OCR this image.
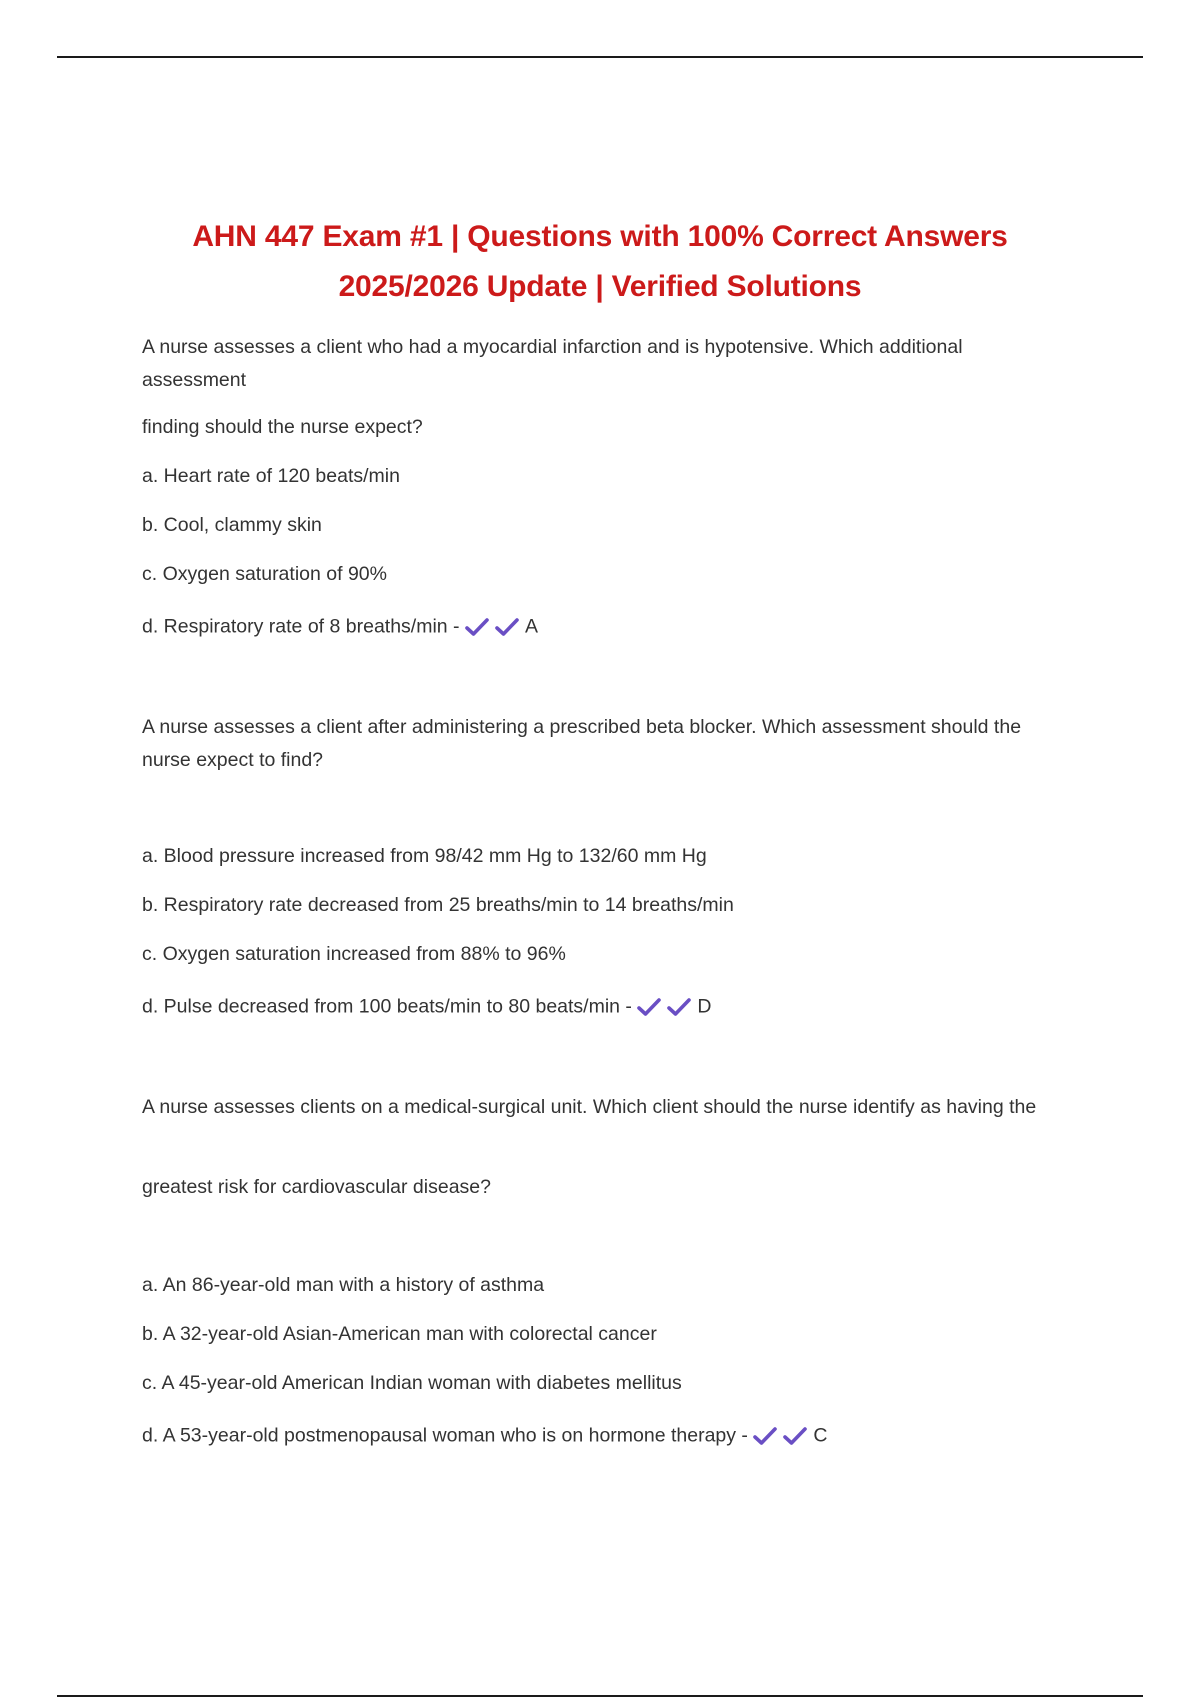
AHN 447 Exam #1 | Questions with 100% Correct Answers
2025/2026 Update | Verified Solutions
A nurse assesses a client who had a myocardial infarction and is hypotensive. Which additional assessment
finding should the nurse expect?
a. Heart rate of 120 beats/min
b. Cool, clammy skin
c. Oxygen saturation of 90%
d. Respiratory rate of 8 breaths/min -	A
A nurse assesses a client after administering a prescribed beta blocker. Which assessment should the nurse expect to find?
a. Blood pressure increased from 98/42 mm Hg to 132/60 mm Hg
b. Respiratory rate decreased from 25 breaths/min to 14 breaths/min
c. Oxygen saturation increased from 88% to 96%
d. Pulse decreased from 100 beats/min to 80 beats/min -	D
A nurse assesses clients on a medical-surgical unit. Which client should the nurse identify as having the
greatest risk for cardiovascular disease?
a. An 86-year-old man with a history of asthma
b. A 32-year-old Asian-American man with colorectal cancer
c. A 45-year-old American Indian woman with diabetes mellitus
d. A 53-year-old postmenopausal woman who is on hormone therapy -	C
